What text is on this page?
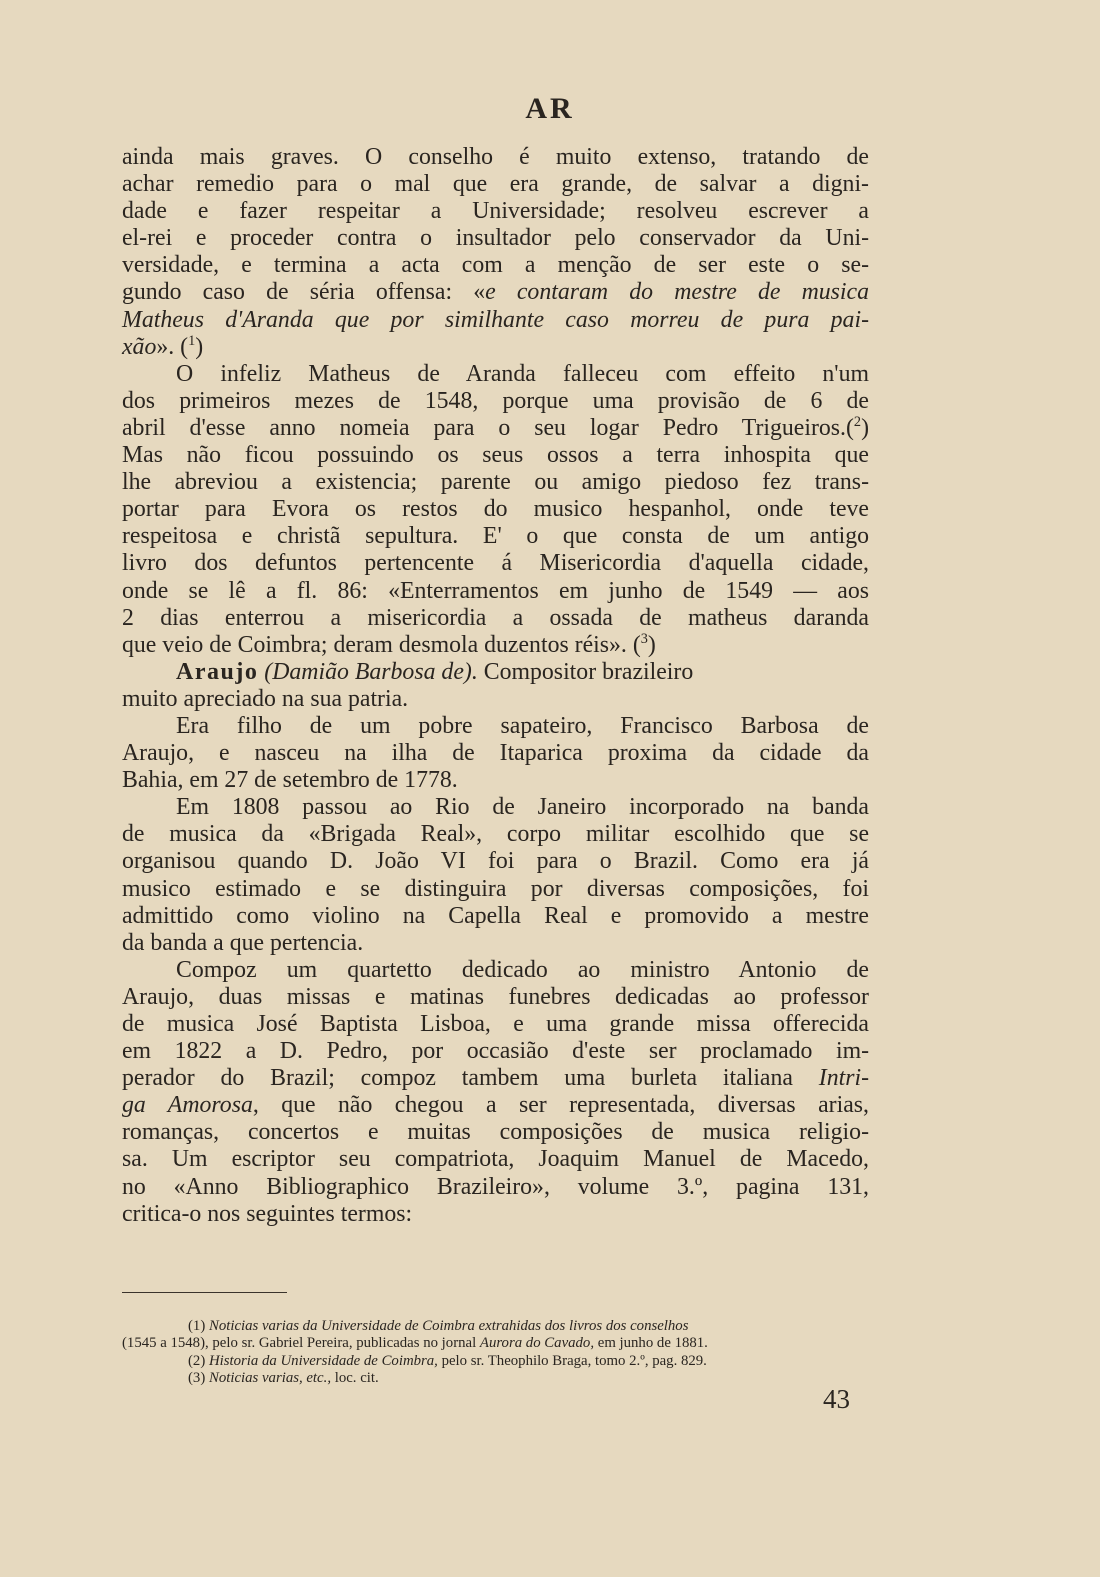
AR
ainda mais graves. O conselho é muito extenso, tratando de
achar remedio para o mal que era grande, de salvar a digni-
dade e fazer respeitar a Universidade; resolveu escrever a
el-rei e proceder contra o insultador pelo conservador da Uni-
versidade, e termina a acta com a menção de ser este o se-
gundo caso de séria offensa: «e contaram do mestre de musica
Matheus d'Aranda que por similhante caso morreu de pura pai-
xão». ($^1$)
O infeliz Matheus de Aranda falleceu com effeito n'um
dos primeiros mezes de 1548, porque uma provisão de 6 de
abril d'esse anno nomeia para o seu logar Pedro Trigueiros.($^2$)
Mas não ficou possuindo os seus ossos a terra inhospita que
lhe abreviou a existencia; parente ou amigo piedoso fez trans-
portar para Evora os restos do musico hespanhol, onde teve
respeitosa e christã sepultura. E' o que consta de um antigo
livro dos defuntos pertencente á Misericordia d'aquella cidade,
onde se lê a fl. 86: «Enterramentos em junho de 1549 — aos
2 dias enterrou a misericordia a ossada de matheus daranda
que veio de Coimbra; deram desmola duzentos réis». ($^3$)
Araujo (Damião Barbosa de). Compositor brazileiro
muito apreciado na sua patria.
Era filho de um pobre sapateiro, Francisco Barbosa de
Araujo, e nasceu na ilha de Itaparica proxima da cidade da
Bahia, em 27 de setembro de 1778.
Em 1808 passou ao Rio de Janeiro incorporado na banda
de musica da «Brigada Real», corpo militar escolhido que se
organisou quando D. João VI foi para o Brazil. Como era já
musico estimado e se distinguira por diversas composições, foi
admittido como violino na Capella Real e promovido a mestre
da banda a que pertencia.
Compoz um quartetto dedicado ao ministro Antonio de
Araujo, duas missas e matinas funebres dedicadas ao professor
de musica José Baptista Lisboa, e uma grande missa offerecida
em 1822 a D. Pedro, por occasião d'este ser proclamado im-
perador do Brazil; compoz tambem uma burleta italiana Intri-
ga Amorosa, que não chegou a ser representada, diversas arias,
romanças, concertos e muitas composições de musica religio-
sa. Um escriptor seu compatriota, Joaquim Manuel de Macedo,
no «Anno Bibliographico Brazileiro», volume 3.º, pagina 131,
critica-o nos seguintes termos:
(1) Noticias varias da Universidade de Coimbra extrahidas dos livros dos conselhos
(1545 a 1548), pelo sr. Gabriel Pereira, publicadas no jornal Aurora do Cavado, em junho de 1881.
(2) Historia da Universidade de Coimbra, pelo sr. Theophilo Braga, tomo 2.º, pag. 829.
(3) Noticias varias, etc., loc. cit.
43
